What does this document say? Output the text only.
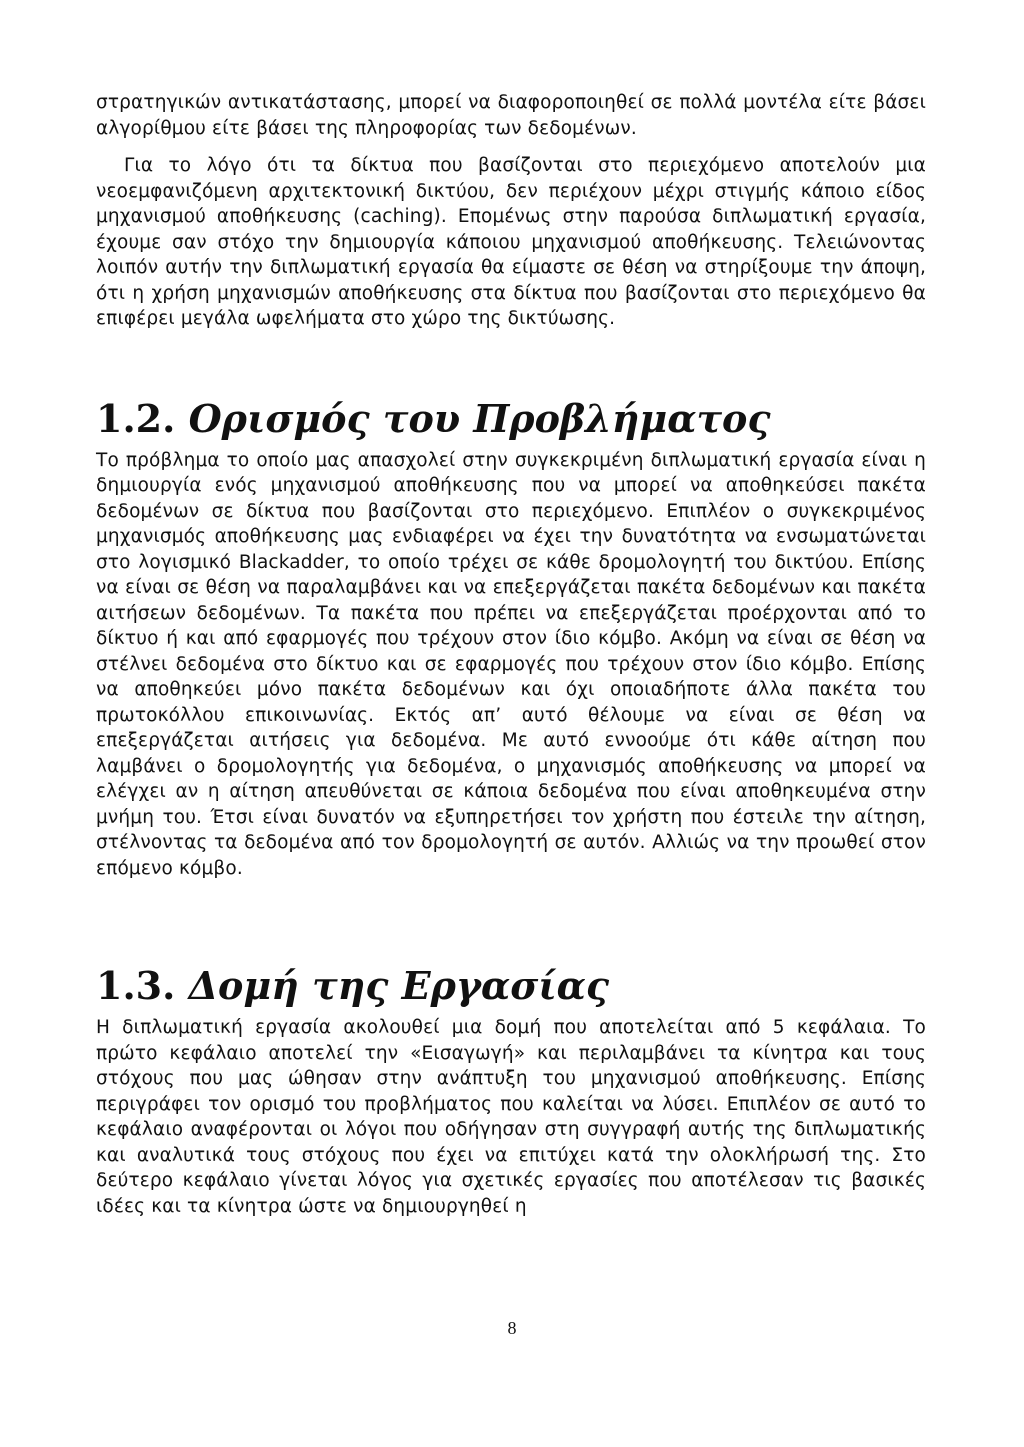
στρατηγικών αντικατάστασης, μπορεί να διαφοροποιηθεί σε πολλά μοντέλα είτε βάσει αλγορίθμου είτε βάσει της πληροφορίας των δεδομένων.

Για το λόγο ότι τα δίκτυα που βασίζονται στο περιεχόμενο αποτελούν μια νεοεμφανιζόμενη αρχιτεκτονική δικτύου, δεν περιέχουν μέχρι στιγμής κάποιο είδος μηχανισμού αποθήκευσης (caching). Επομένως στην παρούσα διπλωματική εργασία, έχουμε σαν στόχο την δημιουργία κάποιου μηχανισμού αποθήκευσης. Τελειώνοντας λοιπόν αυτήν την διπλωματική εργασία θα είμαστε σε θέση να στηρίξουμε την άποψη, ότι η χρήση μηχανισμών αποθήκευσης στα δίκτυα που βασίζονται στο περιεχόμενο θα επιφέρει μεγάλα ωφελήματα στο χώρο της δικτύωσης.

1.2. Ορισμός του Προβλήματος

Το πρόβλημα το οποίο μας απασχολεί στην συγκεκριμένη διπλωματική εργασία είναι η δημιουργία ενός μηχανισμού αποθήκευσης που να μπορεί να αποθηκεύσει πακέτα δεδομένων σε δίκτυα που βασίζονται στο περιεχόμενο. Επιπλέον ο συγκεκριμένος μηχανισμός αποθήκευσης μας ενδιαφέρει να έχει την δυνατότητα να ενσωματώνεται στο λογισμικό Blackadder, το οποίο τρέχει σε κάθε δρομολογητή του δικτύου. Επίσης να είναι σε θέση να παραλαμβάνει και να επεξεργάζεται πακέτα δεδομένων και πακέτα αιτήσεων δεδομένων. Τα πακέτα που πρέπει να επεξεργάζεται προέρχονται από το δίκτυο ή και από εφαρμογές που τρέχουν στον ίδιο κόμβο. Ακόμη να είναι σε θέση να στέλνει δεδομένα στο δίκτυο και σε εφαρμογές που τρέχουν στον ίδιο κόμβο. Επίσης να αποθηκεύει μόνο πακέτα δεδομένων και όχι οποιαδήποτε άλλα πακέτα του πρωτοκόλλου επικοινωνίας. Εκτός απ’ αυτό θέλουμε να είναι σε θέση να επεξεργάζεται αιτήσεις για δεδομένα. Με αυτό εννοούμε ότι κάθε αίτηση που λαμβάνει ο δρομολογητής για δεδομένα, ο μηχανισμός αποθήκευσης να μπορεί να ελέγχει αν η αίτηση απευθύνεται σε κάποια δεδομένα που είναι αποθηκευμένα στην μνήμη του. Έτσι είναι δυνατόν να εξυπηρετήσει τον χρήστη που έστειλε την αίτηση, στέλνοντας τα δεδομένα από τον δρομολογητή σε αυτόν. Αλλιώς να την προωθεί στον επόμενο κόμβο.

1.3. Δομή της Εργασίας

Η διπλωματική εργασία ακολουθεί μια δομή που αποτελείται από 5 κεφάλαια. Το πρώτο κεφάλαιο αποτελεί την «Εισαγωγή» και περιλαμβάνει τα κίνητρα και τους στόχους που μας ώθησαν στην ανάπτυξη του μηχανισμού αποθήκευσης. Επίσης περιγράφει τον ορισμό του προβλήματος που καλείται να λύσει. Επιπλέον σε αυτό το κεφάλαιο αναφέρονται οι λόγοι που οδήγησαν στη συγγραφή αυτής της διπλωματικής και αναλυτικά τους στόχους που έχει να επιτύχει κατά την ολοκλήρωσή της. Στο δεύτερο κεφάλαιο γίνεται λόγος για σχετικές εργασίες που αποτέλεσαν τις βασικές ιδέες και τα κίνητρα ώστε να δημιουργηθεί η

8
